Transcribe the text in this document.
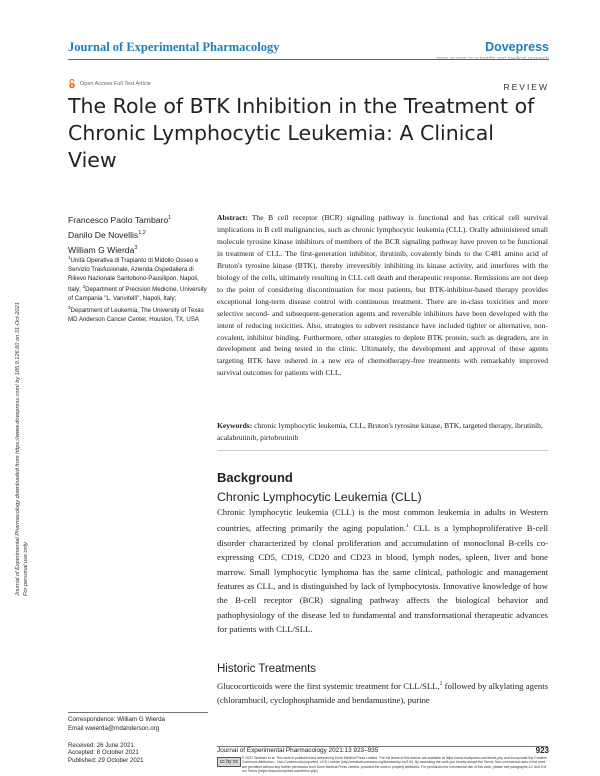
Journal of Experimental Pharmacology	Dovepress
Open Access Full Text Article	REVIEW
The Role of BTK Inhibition in the Treatment of
Chronic Lymphocytic Leukemia: A Clinical View
Journal of Experimental Pharmacology downloaded from https://www.dovepress.com/ by 185.9.126.60 on 31-Oct-2021 For personal use only.
Francesco Paolo Tambaro$^1$
Danilo De Novellis$^{1,2}$
William G Wierda$^3$
$^1$Unità Operativa di Trapianto di Midollo Osseo e Servizio Trasfusionale, Azienda Ospedaliera di Rilievo Nazionale Santobono-Pausilipon, Napoli, Italy; $^2$Department of Precision Medicine, University of Campania "L. Vanvitelli", Napoli, Italy; $^3$Department of Leukemia, The University of Texas MD Anderson Cancer Center, Houston, TX, USA
Abstract: The B cell receptor (BCR) signaling pathway is functional and has critical cell survival implications in B cell malignancies, such as chronic lymphocytic leukemia (CLL). Orally administered small molecule tyrosine kinase inhibitors of members of the BCR signaling pathway have proven to be functional in treatment of CLL. The first-generation inhibitor, ibrutinib, covalently binds to the C481 amino acid of Bruton's tyrosine kinase (BTK), thereby irreversibly inhibiting its kinase activity, and interferes with the biology of the cells, ultimately resulting in CLL cell death and therapeutic response. Remissions are not deep to the point of considering discontinuation for most patients, but BTK-inhibitor-based therapy provides exceptional long-term disease control with continuous treatment. There are in-class toxicities and more selective second- and subsequent-generation agents and reversible inhibitors have been developed with the intent of reducing toxicities. Also, strategies to subvert resistance have included tighter or alternative, non-covalent, inhibitor binding. Furthermore, other strategies to deplete BTK protein, such as degraders, are in development and being tested in the clinic. Ultimately, the development and approval of these agents targeting BTK have ushered in a new era of chemotherapy-free treatments with remarkably improved survival outcomes for patients with CLL.
Keywords: chronic lymphocytic leukemia, CLL, Bruton's tyrosine kinase, BTK, targeted therapy, ibrutinib, acalabrutinib, pirtobrutinib
Background
Chronic Lymphocytic Leukemia (CLL)
Chronic lymphocytic leukemia (CLL) is the most common leukemia in adults in Western countries, affecting primarily the aging population.$^1$ CLL is a lymphoproliferative B-cell disorder characterized by clonal proliferation and accumulation of monoclonal B-cells co-expressing CD5, CD19, CD20 and CD23 in blood, lymph nodes, spleen, liver and bone marrow. Small lymphocytic lymphoma has the same clinical, pathologic and management features as CLL, and is distinguished by lack of lymphocytosis. Innovative knowledge of how the B-cell receptor (BCR) signaling pathway affects the biological behavior and pathophysiology of the disease led to fundamental and transformational therapeutic advances for patients with CLL/SLL.
Historic Treatments
Glucocorticoids were the first systemic treatment for CLL/SLL,$^2$ followed by alkylating agents (chlorambucil, cyclophosphamide and bendamustine), purine
Correspondence: William G Wierda
Email wwierda@mdanderson.org
Received: 26 June 2021
Accepted: 8 October 2021
Published: 29 October 2021
Journal of Experimental Pharmacology 2021:13 923–935	923
cc by nc
© 2021 Tambaro et al. This work is published and licensed by Dove Medical Press Limited. The full terms of this license are available at https://www.dovepress.com/terms.php and incorporate the Creative Commons Attribution – Non Commercial (unported, v3.0) License (http://creativecommons.org/licenses/by-nc/3.0/). By accessing the work you hereby accept the Terms. Non-commercial uses of the work are permitted without any further permission from Dove Medical Press Limited, provided the work is properly attributed. For permission for commercial use of this work, please see paragraphs 4.2 and 5 of our Terms (https://www.dovepress.com/terms.php).
